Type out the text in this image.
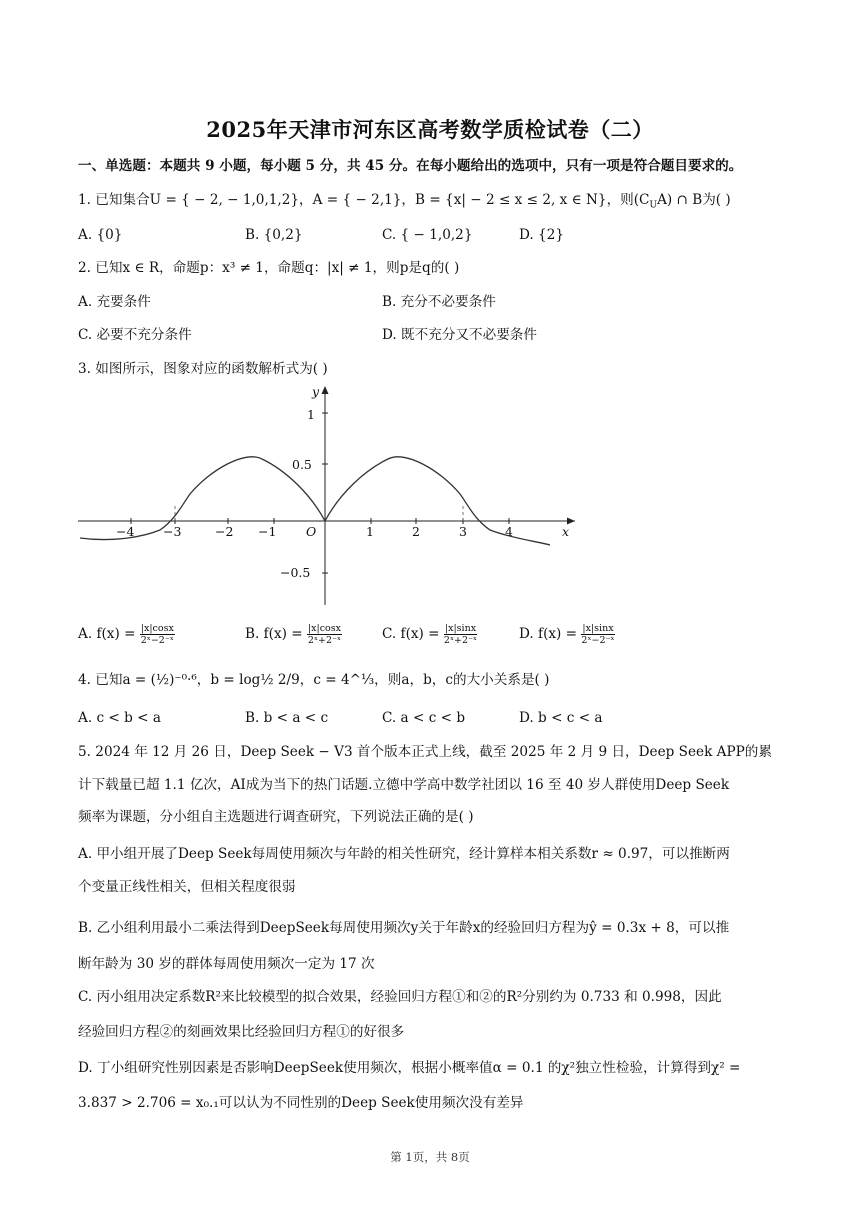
2025年天津市河东区高考数学质检试卷（二）
一、单选题：本题共 9 小题，每小题 5 分，共 45 分。在每小题给出的选项中，只有一项是符合题目要求的。
1. 已知集合U = { − 2, − 1,0,1,2}，A = { − 2,1}，B = {x| − 2 ≤ x ≤ 2, x ∈ N}，则$(C_UA)$ ∩ B为( )
A. {0}	B. {0,2}	C. { − 1,0,2}	D. {2}
2. 已知x ∈ R，命题p：x³ ≠ 1，命题q：|x| ≠ 1，则p是q的( )
A. 充要条件	B. 充分不必要条件
C. 必要不充分条件	D. 既不充分又不必要条件
3. 如图所示，图象对应的函数解析式为( )
−4 −3	−2 −1	1	2	3	4
1
0.5
−0.5
O	x
y
A. $f(x) = \frac{|x|\cos x}{\text{2ˣ−2⁻ˣ}}$	B. $f(x) = \frac{|x|\cos x}{\text{2ˣ+2⁻ˣ}}$	C. $f(x) = \frac{|x|\sin x}{\text{2ˣ+2⁻ˣ}}$	D. $f(x) = \frac{|x|\sin x}{\text{2ˣ−2⁻ˣ}}$
4. 已知a = (½)⁻⁰·⁶，b = log½ 2/9，c = 4^⅓，则a，b，c的大小关系是( )
A. c < b < a	B. b < a < c	C. a < c < b	D. b < c < a
5. 2024 年 12 月 26 日，Deep Seek − V3 首个版本正式上线，截至 2025 年 2 月 9 日，Deep Seek APP的累
计下载量已超 1.1 亿次，AI成为当下的热门话题.立德中学高中数学社团以 16 至 40 岁人群使用Deep Seek
频率为课题，分小组自主选题进行调查研究，下列说法正确的是( )
A. 甲小组开展了Deep Seek每周使用频次与年龄的相关性研究，经计算样本相关系数r ≈ 0.97，可以推断两
个变量正线性相关，但相关程度很弱
B. 乙小组利用最小二乘法得到DeepSeek每周使用频次y关于年龄x的经验回归方程为ŷ = 0.3x + 8，可以推
断年龄为 30 岁的群体每周使用频次一定为 17 次
C. 丙小组用决定系数R²来比较模型的拟合效果，经验回归方程①和②的R²分别约为 0.733 和 0.998，因此
经验回归方程②的刻画效果比经验回归方程①的好很多
D. 丁小组研究性别因素是否影响DeepSeek使用频次，根据小概率值α = 0.1 的χ²独立性检验，计算得到χ² =
3.837 > 2.706 = x₀.₁可以认为不同性别的Deep Seek使用频次没有差异
第 1页，共 8页
